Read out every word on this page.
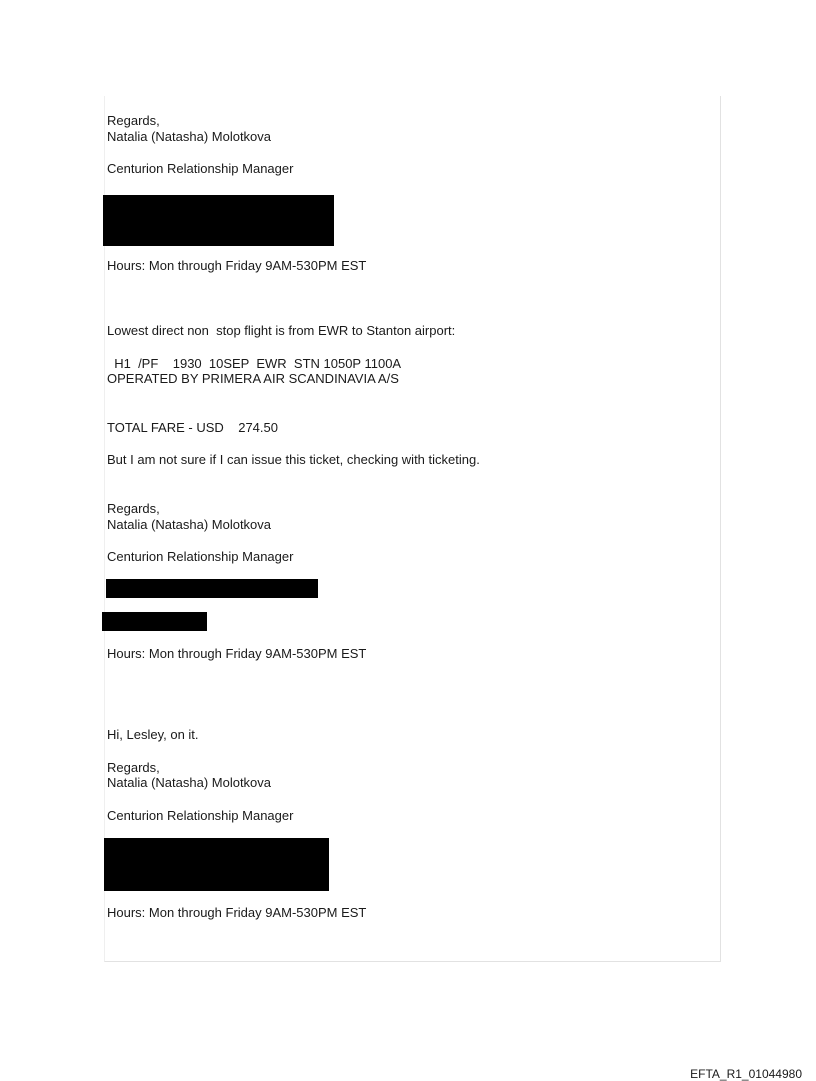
Regards,

Natalia (Natasha) Molotkova

Centurion Relationship Manager

Hours: Mon through Friday 9AM-530PM EST

Lowest direct non  stop flight is from EWR to Stanton airport:

H1  /PF    1930  10SEP  EWR  STN 1050P 1100A

OPERATED BY PRIMERA AIR SCANDINAVIA A/S

TOTAL FARE - USD    274.50

But I am not sure if I can issue this ticket, checking with ticketing.

Regards,

Natalia (Natasha) Molotkova

Centurion Relationship Manager

Hours: Mon through Friday 9AM-530PM EST

Hi, Lesley, on it.

Regards,

Natalia (Natasha) Molotkova

Centurion Relationship Manager

Hours: Mon through Friday 9AM-530PM EST

EFTA_R1_01044980
